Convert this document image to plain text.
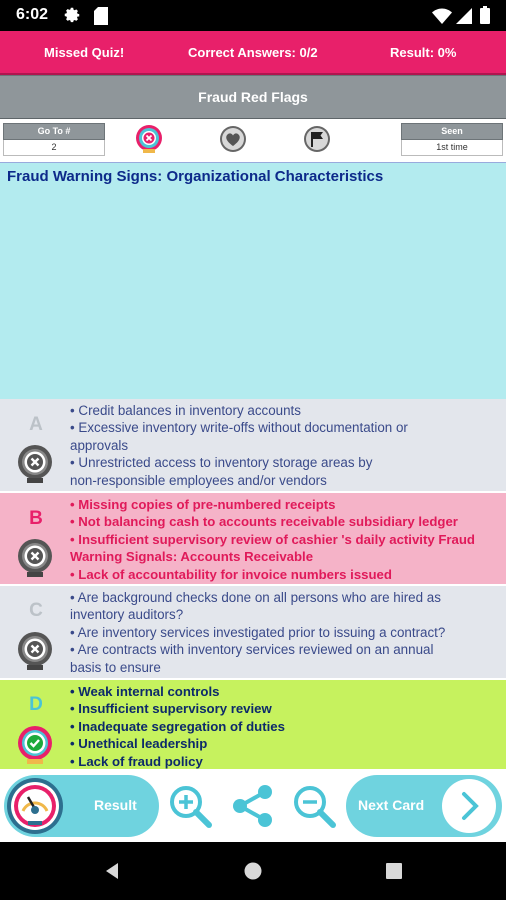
6:02
Missed Quiz!	Correct Answers: 0/2	Result: 0%
Fraud Red Flags
Go To #
2
Seen
1st time
Fraud Warning Signs: Organizational Characteristics
A
• Credit balances in inventory accounts
• Excessive inventory write-offs without documentation or
approvals
• Unrestricted access to inventory storage areas by
non-responsible employees and/or vendors
B
• Missing copies of pre-numbered receipts
• Not balancing cash to accounts receivable subsidiary ledger
• Insufficient supervisory review of cashier 's daily activity Fraud
Warning Signals: Accounts Receivable
• Lack of accountability for invoice numbers issued
C
• Are background checks done on all persons who are hired as
inventory auditors?
• Are inventory services investigated prior to issuing a contract?
• Are contracts with inventory services reviewed on an annual
basis to ensure
D
• Weak internal controls
• Insufficient supervisory review
• Inadequate segregation of duties
• Unethical leadership
• Lack of fraud policy
Result	Next Card
